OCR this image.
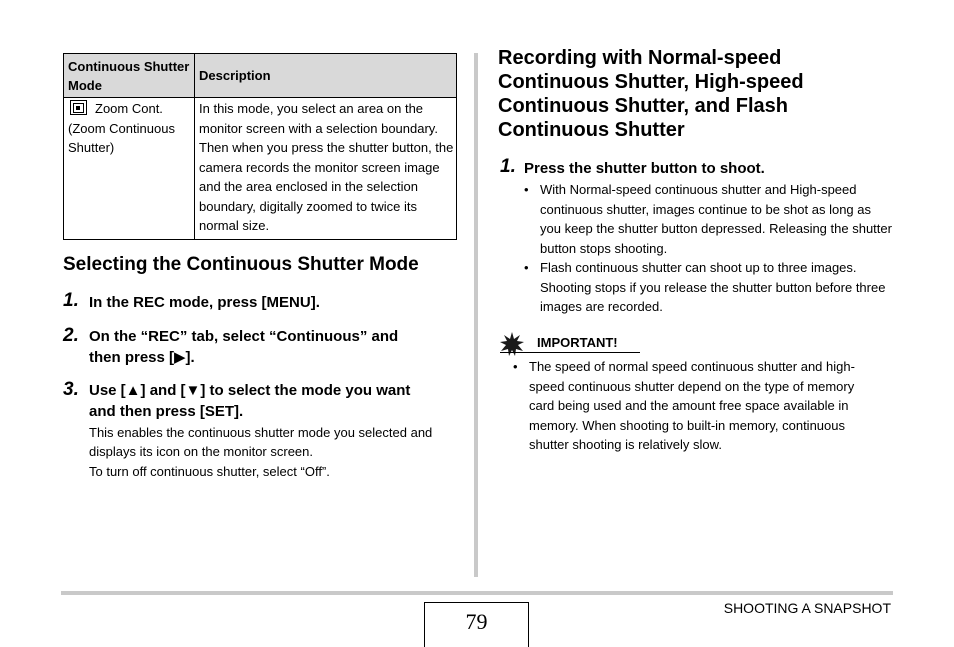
Continuous Shutter Mode
Description
Zoom Cont.
(Zoom Continuous
Shutter)
In this mode, you select an area on the monitor screen with a selection boundary. Then when you press the shutter button, the camera records the monitor screen image and the area enclosed in the selection boundary, digitally zoomed to twice its normal size.
Selecting the Continuous Shutter Mode
1. In the REC mode, press [MENU].
2. On the “REC” tab, select “Continuous” and
then press [▶].
3. Use [▲] and [▼] to select the mode you want
and then press [SET].
This enables the continuous shutter mode you selected and
displays its icon on the monitor screen.
To turn off continuous shutter, select “Off”.
Recording with Normal-speed Continuous Shutter, High-speed Continuous Shutter, and Flash Continuous Shutter
1. Press the shutter button to shoot.
• With Normal-speed continuous shutter and High-speed continuous shutter, images continue to be shot as long as you keep the shutter button depressed. Releasing the shutter button stops shooting.
• Flash continuous shutter can shoot up to three images. Shooting stops if you release the shutter button before three images are recorded.
IMPORTANT!
• The speed of normal speed continuous shutter and high-speed continuous shutter depend on the type of memory card being used and the amount free space available in memory. When shooting to built-in memory, continuous shutter shooting is relatively slow.
79
SHOOTING A SNAPSHOT
